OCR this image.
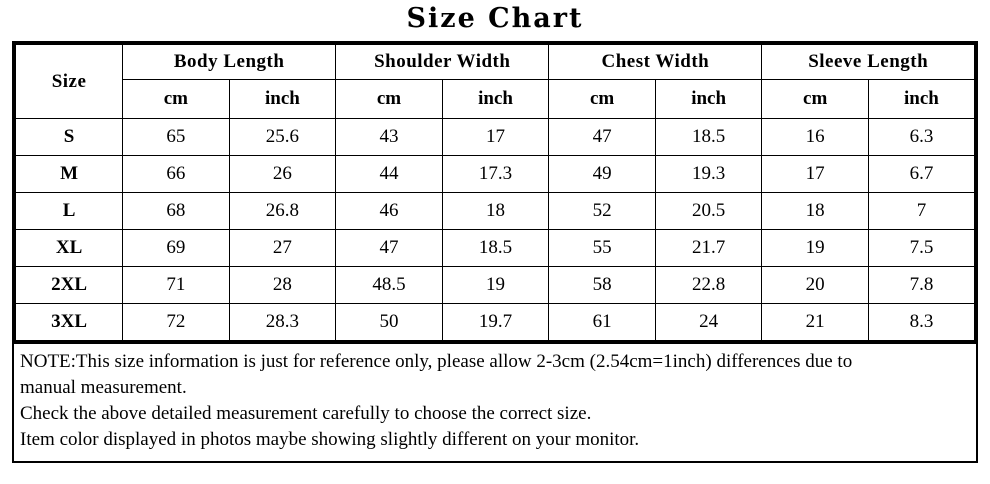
Size Chart
Size	Body Length		Shoulder Width		Chest Width		Sleeve Length	
	cm	inch	cm	inch	cm	inch	cm	inch
S	65	25.6	43	17	47	18.5	16	6.3
M	66	26	44	17.3	49	19.3	17	6.7
L	68	26.8	46	18	52	20.5	18	7
XL	69	27	47	18.5	55	21.7	19	7.5
2XL	71	28	48.5	19	58	22.8	20	7.8
3XL	72	28.3	50	19.7	61	24	21	8.3

NOTE:This size information is just for reference only, please allow 2-3cm (2.54cm=1inch) differences due to

manual measurement.

Check the above detailed measurement carefully to choose the correct size.

Item color displayed in photos maybe showing slightly different on your monitor.
